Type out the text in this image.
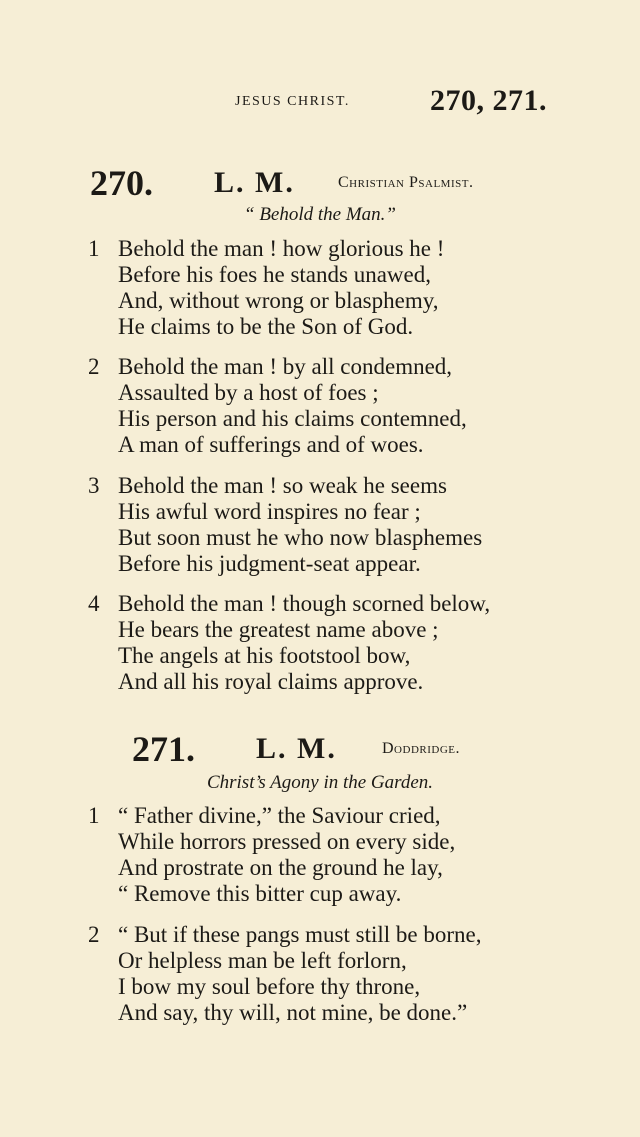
JESUS CHRIST.	270, 271.
270. L. M.	Christian Psalmist.
“ Behold the Man.”
1 Behold the man ! how glorious he !
Before his foes he stands unawed,
And, without wrong or blasphemy,
He claims to be the Son of God.
2 Behold the man ! by all condemned,
Assaulted by a host of foes ;
His person and his claims contemned,
A man of sufferings and of woes.
3 Behold the man ! so weak he seems
His awful word inspires no fear ;
But soon must he who now blasphemes
Before his judgment-seat appear.
4 Behold the man ! though scorned below,
He bears the greatest name above ;
The angels at his footstool bow,
And all his royal claims approve.
271. L. M.	Doddridge.
Christ’s Agony in the Garden.
1 “ Father divine,” the Saviour cried,
While horrors pressed on every side,
And prostrate on the ground he lay,
“ Remove this bitter cup away.
2 “ But if these pangs must still be borne,
Or helpless man be left forlorn,
I bow my soul before thy throne,
And say, thy will, not mine, be done.”
